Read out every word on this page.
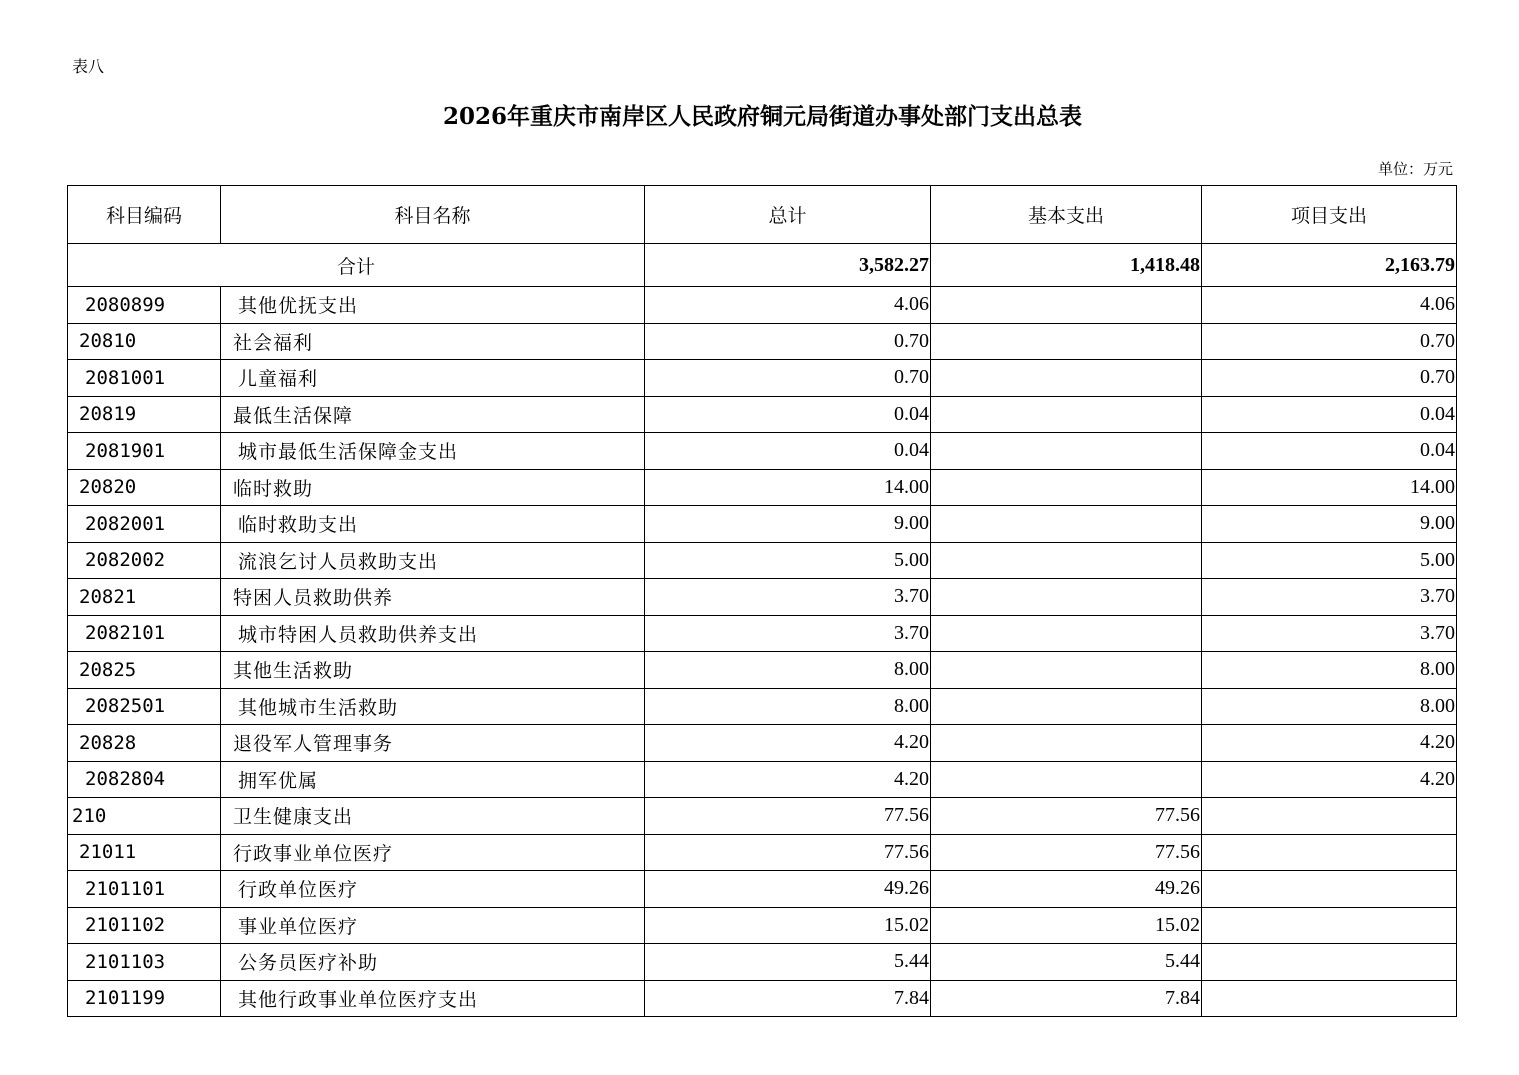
表八
2026年重庆市南岸区人民政府铜元局街道办事处部门支出总表
单位：万元
科目编码	科目名称	总计	基本支出	项目支出
合计		3,582.27	1,418.48	2,163.79
2080899	其他优抚支出	4.06		4.06
20810	社会福利	0.70		0.70
2081001	儿童福利	0.70		0.70
20819	最低生活保障	0.04		0.04
2081901	城市最低生活保障金支出	0.04		0.04
20820	临时救助	14.00		14.00
2082001	临时救助支出	9.00		9.00
2082002	流浪乞讨人员救助支出	5.00		5.00
20821	特困人员救助供养	3.70		3.70
2082101	城市特困人员救助供养支出	3.70		3.70
20825	其他生活救助	8.00		8.00
2082501	其他城市生活救助	8.00		8.00
20828	退役军人管理事务	4.20		4.20
2082804	拥军优属	4.20		4.20
210	卫生健康支出	77.56	77.56	
21011	行政事业单位医疗	77.56	77.56	
2101101	行政单位医疗	49.26	49.26	
2101102	事业单位医疗	15.02	15.02	
2101103	公务员医疗补助	5.44	5.44	
2101199	其他行政事业单位医疗支出	7.84	7.84	
